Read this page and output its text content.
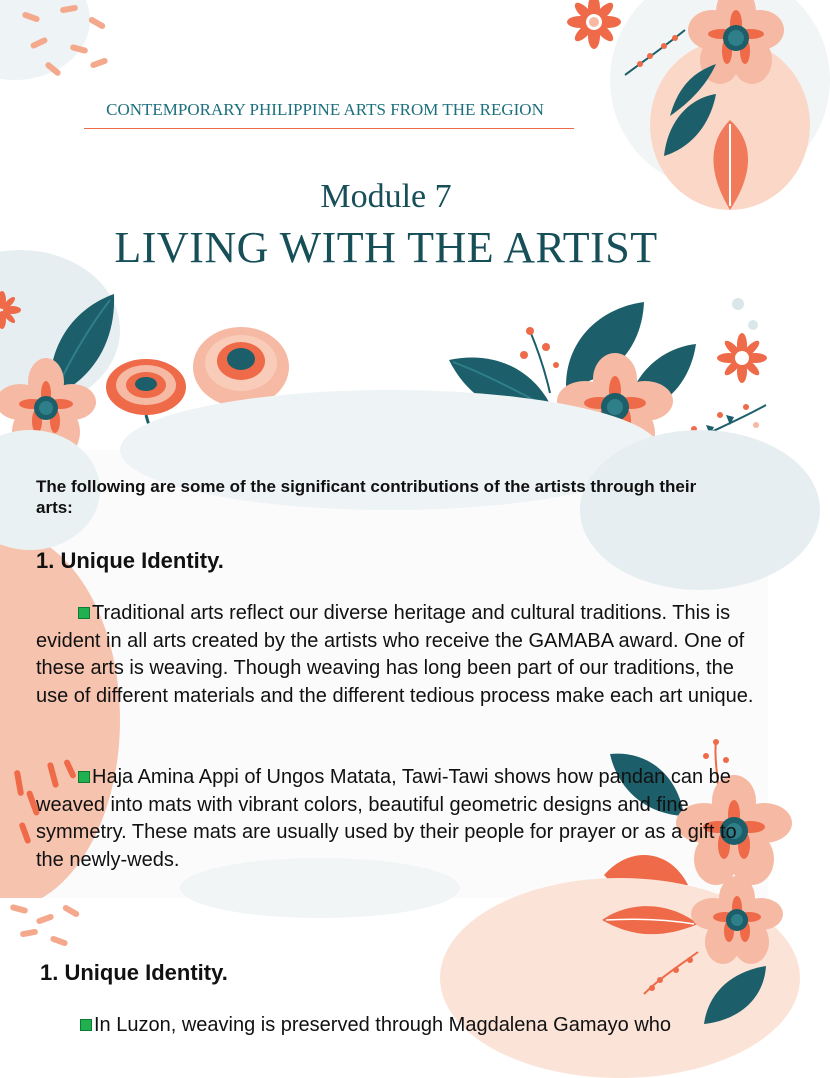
CONTEMPORARY PHILIPPINE ARTS FROM THE REGION
Module 7
LIVING WITH THE ARTIST
The following are some of the significant contributions of the artists through their arts:
1. Unique Identity.
Traditional arts reflect our diverse heritage and cultural traditions. This is evident in all arts created by the artists who receive the GAMABA award. One of these arts is weaving. Though weaving has long been part of our traditions, the use of different materials and the different tedious process make each art unique.
Haja Amina Appi of Ungos Matata, Tawi-Tawi shows how pandan can be weaved into mats with vibrant colors, beautiful geometric designs and fine symmetry. These mats are usually used by their people for prayer or as a gift to the newly-weds.
1. Unique Identity.
In Luzon, weaving is preserved through Magdalena Gamayo who
